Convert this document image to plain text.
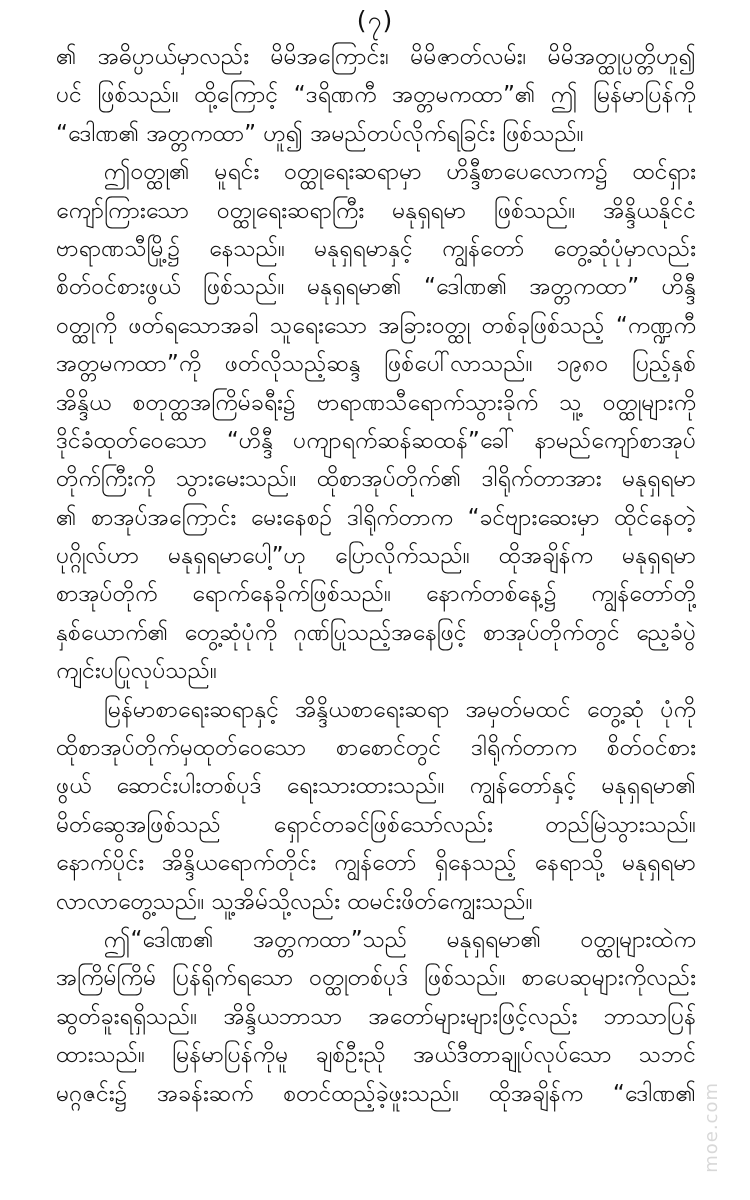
(၇)
၏ အဓိပ္ပာယ်မှာလည်း မိမိအကြောင်း၊ မိမိဇာတ်လမ်း၊ မိမိအတ္ထုပ္ပတ္တိဟူ၍
ပင် ဖြစ်သည်။ ထို့ကြောင့် “ဒရိဏကီ အတ္တမကထာ”၏ ဤ မြန်မာပြန်ကို
“ဒေါဏ၏ အတ္တကထာ” ဟူ၍ အမည်တပ်လိုက်ရခြင်း ဖြစ်သည်။
ဤဝတ္ထု၏ မူရင်း ဝတ္ထုရေးဆရာမှာ ဟိန္ဒီစာပေလောက၌ ထင်ရှား
ကျော်ကြားသော ဝတ္ထုရေးဆရာကြီး မနုရှရမာ ဖြစ်သည်။ အိန္ဒိယနိုင်ငံ
ဗာရာဏသီမြို့၌ နေသည်။ မနုရှရမာနှင့် ကျွန်တော် တွေ့ဆုံပုံမှာလည်း
စိတ်ဝင်စားဖွယ် ဖြစ်သည်။ မနုရှရမာ၏ “ဒေါဏ၏ အတ္တကထာ” ဟိန္ဒီ
ဝတ္ထုကို ဖတ်ရသောအခါ သူရေးသော အခြားဝတ္ထု တစ်ခုဖြစ်သည့် “ကဏ္ဍကီ
အတ္တမကထာ”ကို ဖတ်လိုသည့်ဆန္ဒ ဖြစ်ပေါ်လာသည်။ ၁၉၈၀ ပြည့်နှစ်
အိန္ဒိယ စတုတ္ထအကြိမ်ခရီး၌ ဗာရာဏသီရောက်သွားခိုက် သူ့ ဝတ္ထုများကို
ဒိုင်ခံထုတ်ဝေသော “ဟိန္ဒီ ပကျာရက်ဆန်ဆထန်”ခေါ် နာမည်ကျော်စာအုပ်
တိုက်ကြီးကို သွားမေးသည်။ ထိုစာအုပ်တိုက်၏ ဒါရိုက်တာအား မနုရှရမာ
၏ စာအုပ်အကြောင်း မေးနေစဉ် ဒါရိုက်တာက “ခင်ဗျားဆေးမှာ ထိုင်နေတဲ့
ပုဂ္ဂိုလ်ဟာ မနုရှရမာပေါ့”ဟု ပြောလိုက်သည်။ ထိုအချိန်က မနုရှရမာ
စာအုပ်တိုက် ရောက်နေခိုက်ဖြစ်သည်။ နောက်တစ်နေ့၌ ကျွန်တော်တို့
နှစ်ယောက်၏ တွေ့ဆုံပုံကို ဂုဏ်ပြုသည့်အနေဖြင့် စာအုပ်တိုက်တွင် ညေ့ခံပွဲ
ကျင်းပပြုလုပ်သည်။
မြန်မာစာရေးဆရာနှင့် အိန္ဒိယစာရေးဆရာ အမှတ်မထင် တွေ့ဆုံ ပုံကို
ထိုစာအုပ်တိုက်မှထုတ်ဝေသော စာစောင်တွင် ဒါရိုက်တာက စိတ်ဝင်စား
ဖွယ် ဆောင်းပါးတစ်ပုဒ် ရေးသားထားသည်။ ကျွန်တော်နှင့် မနုရှရမာ၏
မိတ်ဆွေအဖြစ်သည် ရှောင်တခင်ဖြစ်သော်လည်း တည်မြဲသွားသည်။
နောက်ပိုင်း အိန္ဒိယရောက်တိုင်း ကျွန်တော် ရှိနေသည့် နေရာသို့ မနုရှရမာ
လာလာတွေ့သည်။ သူ့အိမ်သို့လည်း ထမင်းဖိတ်ကျွေးသည်။
ဤ“ဒေါဏ၏ အတ္တကထာ”သည် မနုရှရမာ၏ ဝတ္ထုများထဲက
အကြိမ်ကြိမ် ပြန်ရိုက်ရသော ဝတ္ထုတစ်ပုဒ် ဖြစ်သည်။ စာပေဆုများကိုလည်း
ဆွတ်ခူးရရှိသည်။ အိန္ဒိယဘာသာ အတော်များများဖြင့်လည်း ဘာသာပြန်
ထားသည်။ မြန်မာပြန်ကိုမူ ချစ်ဦးညို အယ်ဒီတာချုပ်လုပ်သော သဘင်
မဂ္ဂဇင်း၌ အခန်းဆက် စတင်ထည့်ခဲ့ဖူးသည်။ ထိုအချိန်က “ဒေါဏ၏ moe.com
